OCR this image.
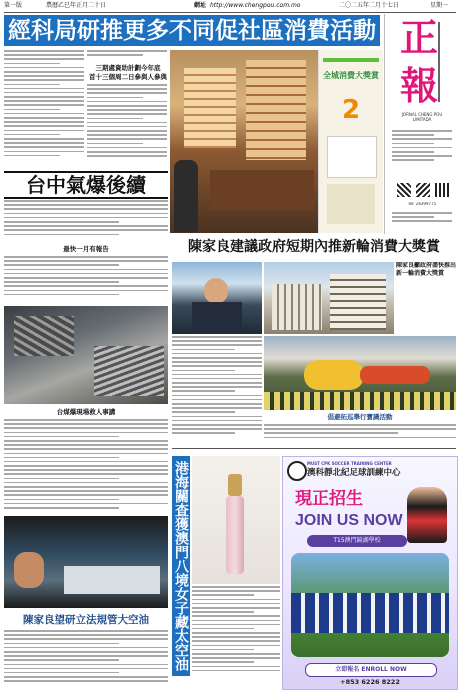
第一版	農曆乙巳年正月二十日	網址 http://www.chengpou.com.mo	二〇二五年二月十七日	星期一
經科局研推更多不同促社區消費活動 正
報
JORNAL CHENG POU LIMITADA
Tel: 28399775
三期處資助計劃今年底
首十三個周二日參與人參與	全城消費大獎賞
2
台中氣爆後續
最快一月有報告
台煤爆現場救人事講
陳家良建議政府短期內推新輪消費大獎賞
陳家良籲政府盡快推出新一輪消費大獎賞
倡避拓巡舉行寶識活動
港海關查獲澳門八境女子藏太空油
陳家良望研立法規管大空油
MUST CPK SOCCER TRAINING CENTER
澳科靜北紀足球訓練中心
現正招生
JOIN US NOW
T15澳門鏡湖學校
立即報名 ENROLL NOW
+853 6226 8222
